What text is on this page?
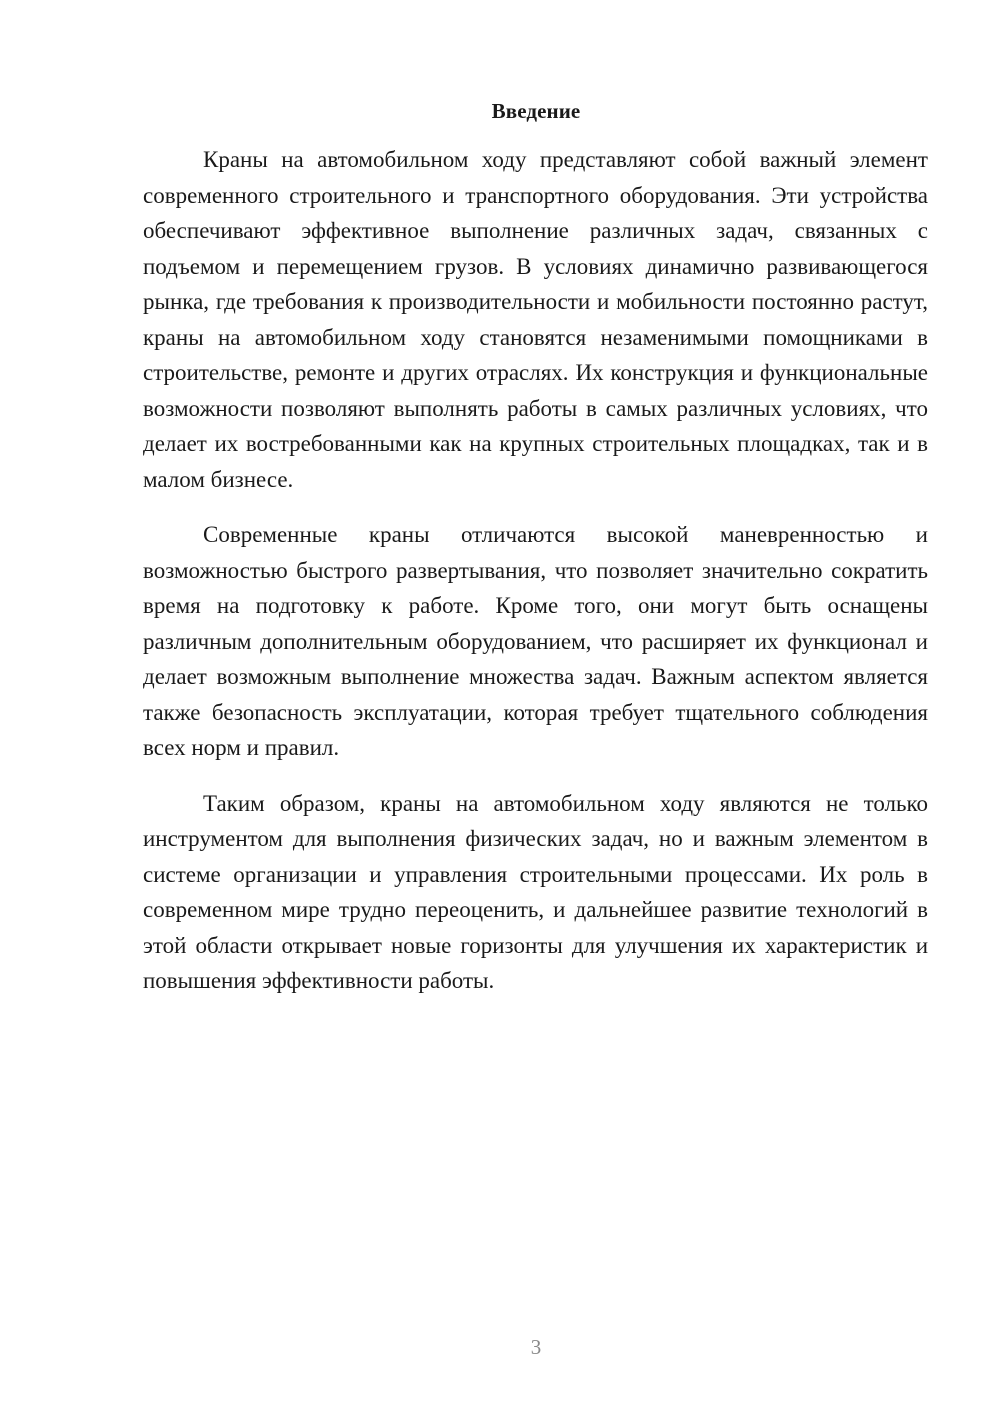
Введение

Краны на автомобильном ходу представляют собой важный элемент современного строительного и транспортного оборудования. Эти устройства обеспечивают эффективное выполнение различных задач, связанных с подъемом и перемещением грузов. В условиях динамично развивающегося рынка, где требования к производительности и мобильности постоянно растут, краны на автомобильном ходу становятся незаменимыми помощниками в строительстве, ремонте и других отраслях. Их конструкция и функциональные возможности позволяют выполнять работы в самых различных условиях, что делает их востребованными как на крупных строительных площадках, так и в малом бизнесе.

Современные краны отличаются высокой маневренностью и возможностью быстрого развертывания, что позволяет значительно сократить время на подготовку к работе. Кроме того, они могут быть оснащены различным дополнительным оборудованием, что расширяет их функционал и делает возможным выполнение множества задач. Важным аспектом является также безопасность эксплуатации, которая требует тщательного соблюдения всех норм и правил.

Таким образом, краны на автомобильном ходу являются не только инструментом для выполнения физических задач, но и важным элементом в системе организации и управления строительными процессами. Их роль в современном мире трудно переоценить, и дальнейшее развитие технологий в этой области открывает новые горизонты для улучшения их характеристик и повышения эффективности работы.

3
